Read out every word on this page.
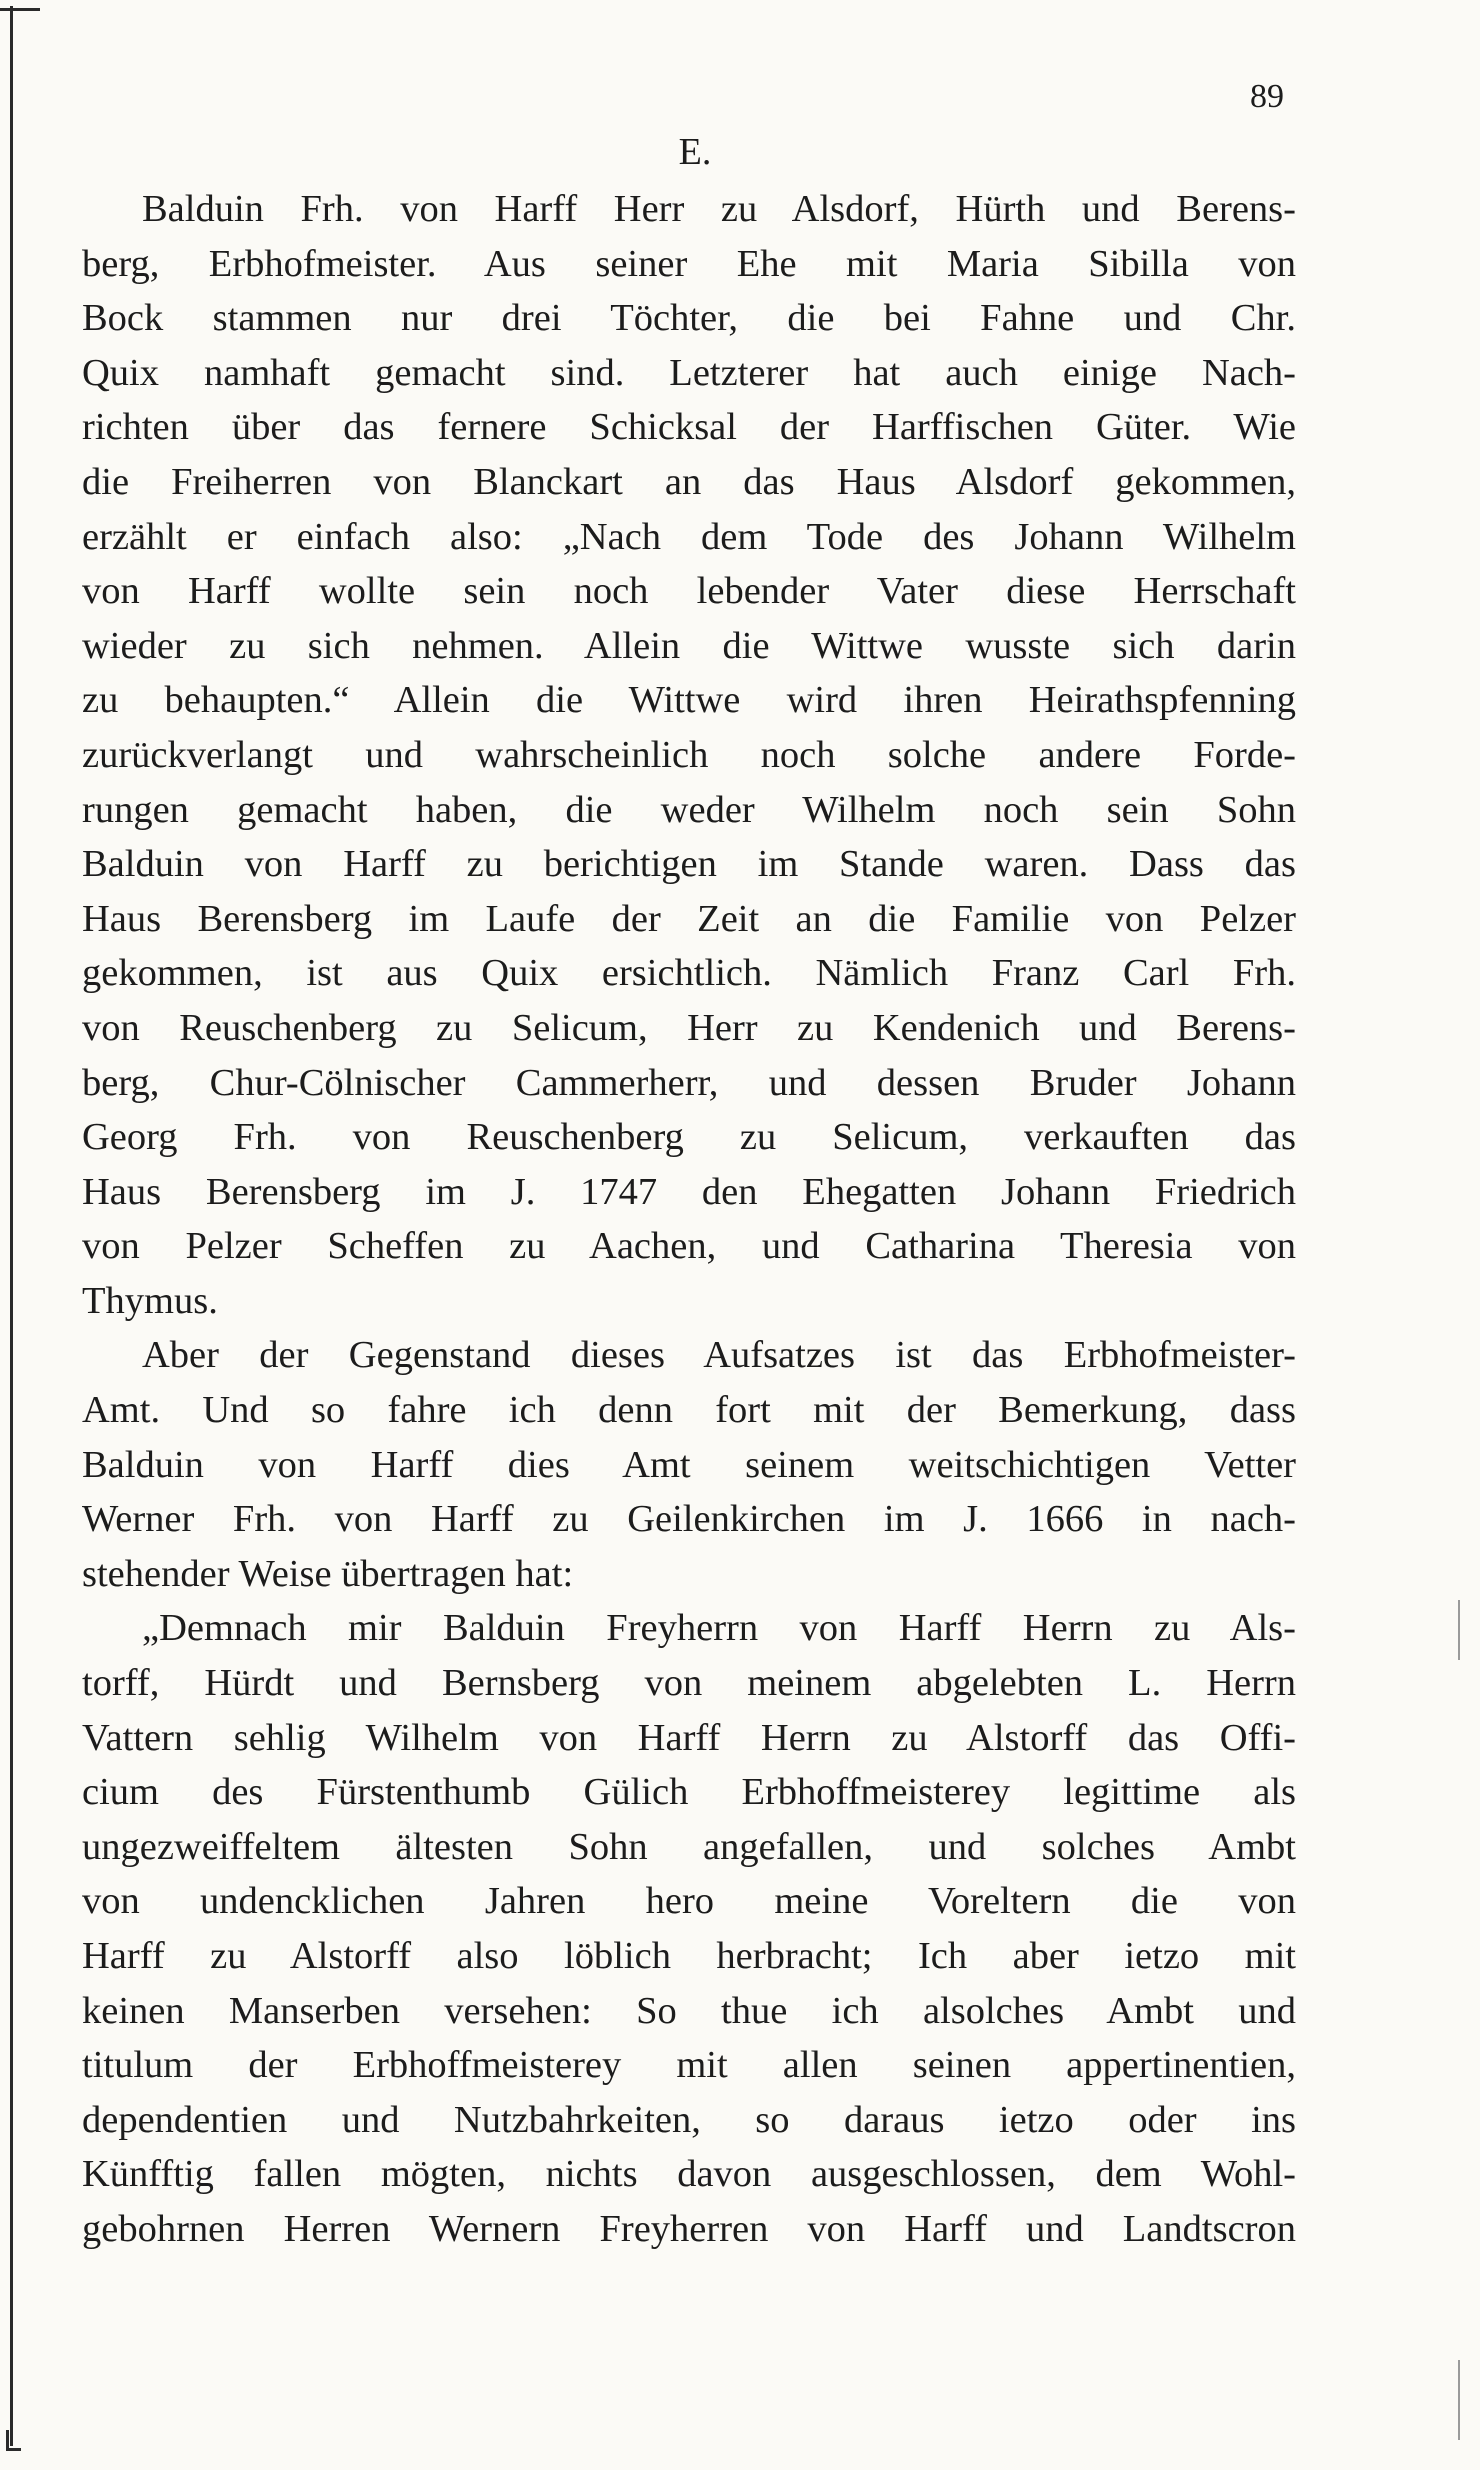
89
E.
Balduin Frh. von Harff Herr zu Alsdorf, Hürth und Berens-
berg, Erbhofmeister. Aus seiner Ehe mit Maria Sibilla von
Bock stammen nur drei Töchter, die bei Fahne und Chr.
Quix namhaft gemacht sind. Letzterer hat auch einige Nach-
richten über das fernere Schicksal der Harffischen Güter. Wie
die Freiherren von Blanckart an das Haus Alsdorf gekommen,
erzählt er einfach also: „Nach dem Tode des Johann Wilhelm
von Harff wollte sein noch lebender Vater diese Herrschaft
wieder zu sich nehmen. Allein die Wittwe wusste sich darin
zu behaupten.“ Allein die Wittwe wird ihren Heirathspfenning
zurückverlangt und wahrscheinlich noch solche andere Forde-
rungen gemacht haben, die weder Wilhelm noch sein Sohn
Balduin von Harff zu berichtigen im Stande waren. Dass das
Haus Berensberg im Laufe der Zeit an die Familie von Pelzer
gekommen, ist aus Quix ersichtlich. Nämlich Franz Carl Frh.
von Reuschenberg zu Selicum, Herr zu Kendenich und Berens-
berg, Chur-Cölnischer Cammerherr, und dessen Bruder Johann
Georg Frh. von Reuschenberg zu Selicum, verkauften das
Haus Berensberg im J. 1747 den Ehegatten Johann Friedrich
von Pelzer Scheffen zu Aachen, und Catharina Theresia von
Thymus.
Aber der Gegenstand dieses Aufsatzes ist das Erbhofmeister-
Amt. Und so fahre ich denn fort mit der Bemerkung, dass
Balduin von Harff dies Amt seinem weitschichtigen Vetter
Werner Frh. von Harff zu Geilenkirchen im J. 1666 in nach-
stehender Weise übertragen hat:
„Demnach mir Balduin Freyherrn von Harff Herrn zu Als-
torff, Hürdt und Bernsberg von meinem abgelebten L. Herrn
Vattern sehlig Wilhelm von Harff Herrn zu Alstorff das Offi-
cium des Fürstenthumb Gülich Erbhoffmeisterey legittime als
ungezweiffeltem ältesten Sohn angefallen, und solches Ambt
von undencklichen Jahren hero meine Voreltern die von
Harff zu Alstorff also löblich herbracht; Ich aber ietzo mit
keinen Manserben versehen: So thue ich alsolches Ambt und
titulum der Erbhoffmeisterey mit allen seinen appertinentien,
dependentien und Nutzbahrkeiten, so daraus ietzo oder ins
Künfftig fallen mögten, nichts davon ausgeschlossen, dem Wohl-
gebohrnen Herren Wernern Freyherren von Harff und Landtscron
